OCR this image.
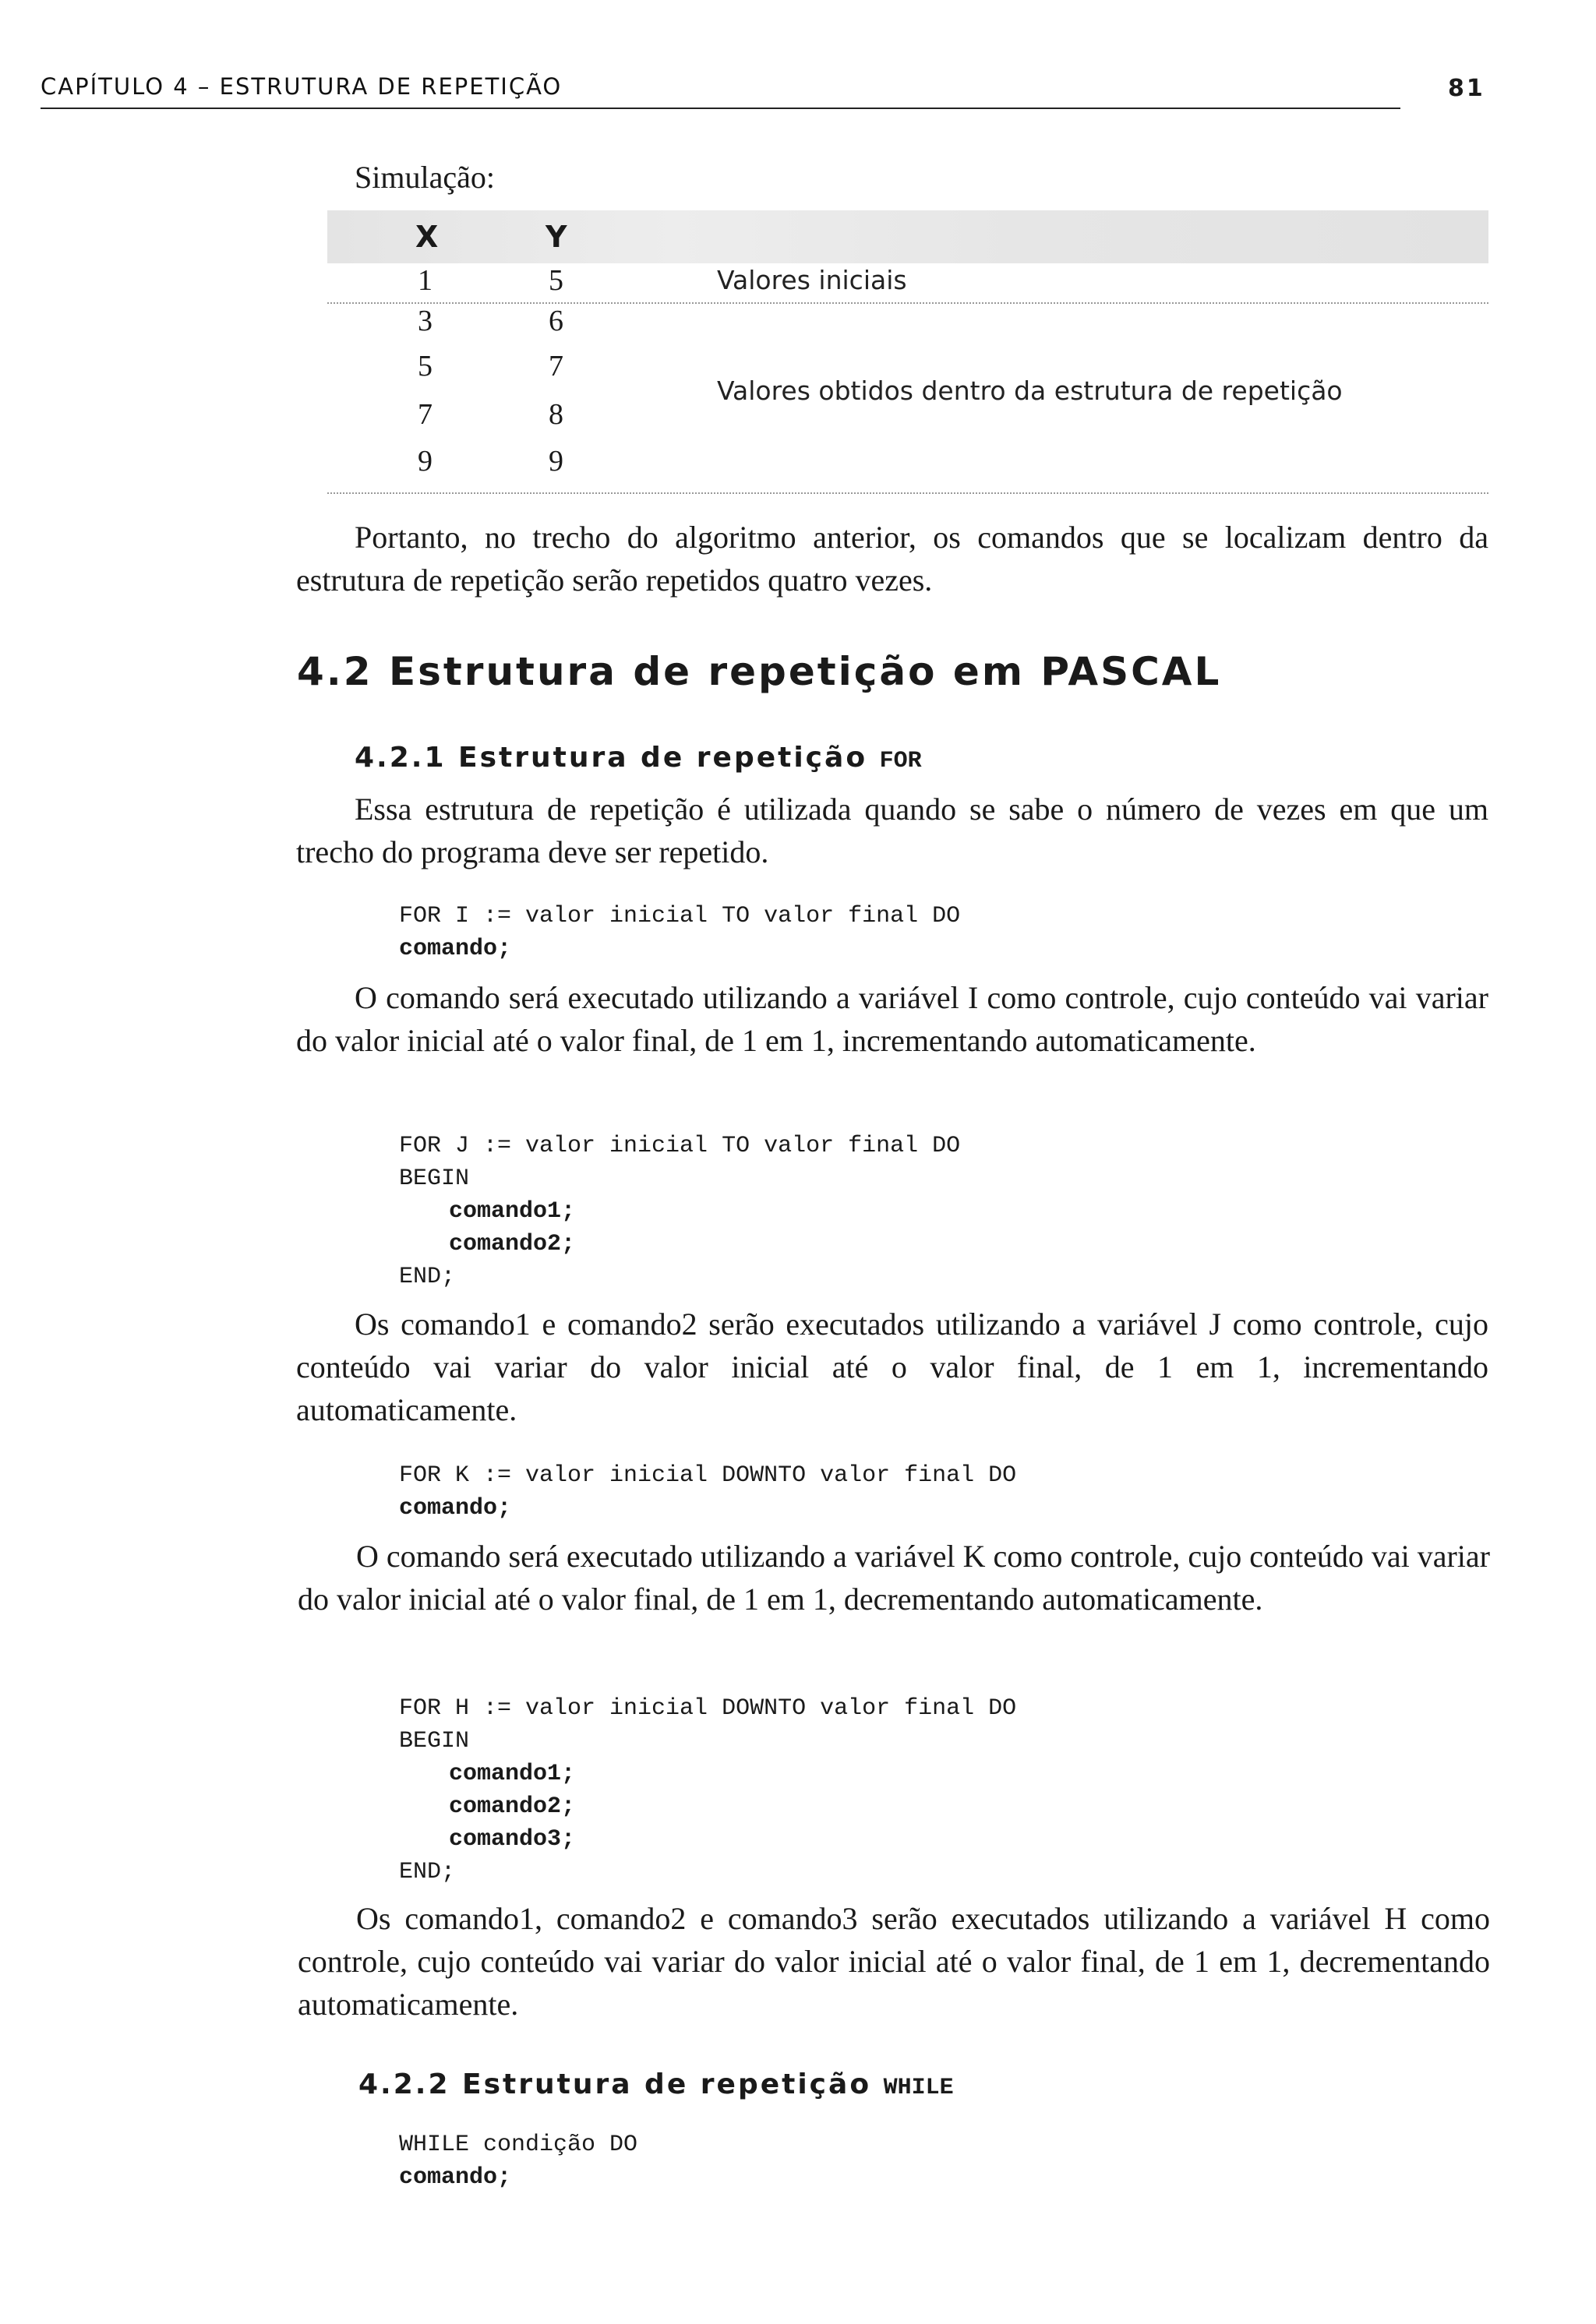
CAPÍTULO 4 – ESTRUTURA DE REPETIÇÃO	81
Simulação:
X	Y
1	5	Valores iniciais
3	6
5	7
Valores obtidos dentro da estrutura de repetição
7	8
9	9
Portanto, no trecho do algoritmo anterior, os comandos que se localizam dentro da estrutura de repetição serão repetidos quatro vezes.
4.2 Estrutura de repetição em PASCAL
4.2.1 Estrutura de repetição FOR
Essa estrutura de repetição é utilizada quando se sabe o número de vezes em que um trecho do programa deve ser repetido.
FOR I := valor inicial TO valor final DO
comando;
O comando será executado utilizando a variável I como controle, cujo conteúdo vai variar do valor inicial até o valor final, de 1 em 1, incrementando automaticamente.
FOR J := valor inicial TO valor final DO
BEGIN
comando1;
comando2;
END;
Os comando1 e comando2 serão executados utilizando a variável J como controle, cujo conteúdo vai variar do valor inicial até o valor final, de 1 em 1, incrementando automaticamente.
FOR K := valor inicial DOWNTO valor final DO
comando;
O comando será executado utilizando a variável K como controle, cujo conteúdo vai variar do valor inicial até o valor final, de 1 em 1, decrementando automaticamente.
FOR H := valor inicial DOWNTO valor final DO
BEGIN
comando1;
comando2;
comando3;
END;
Os comando1, comando2 e comando3 serão executados utilizando a variável H como controle, cujo conteúdo vai variar do valor inicial até o valor final, de 1 em 1, decrementando automaticamente.
4.2.2 Estrutura de repetição WHILE
WHILE condição DO
comando;
